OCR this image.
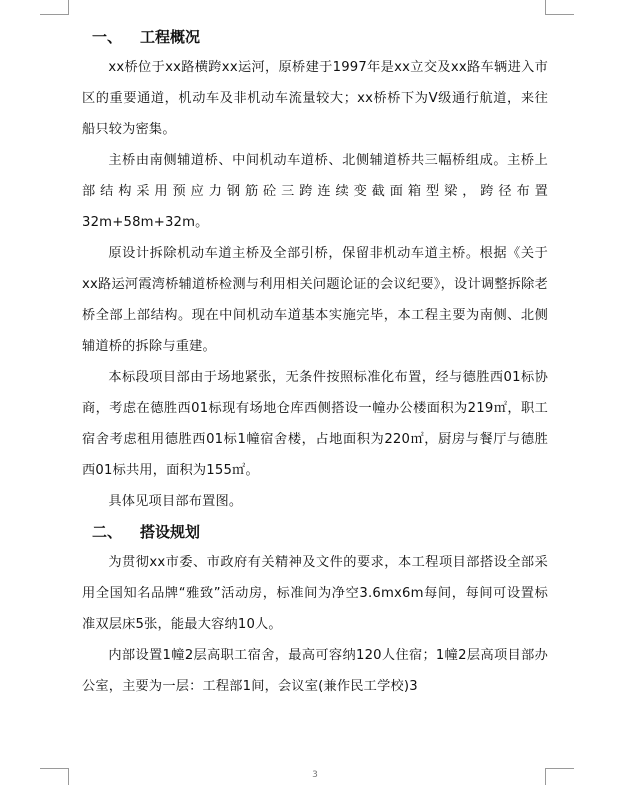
一、 工程概况

xx桥位于xx路横跨xx运河，原桥建于1997年是xx立交及xx路车辆进入市区的重要通道，机动车及非机动车流量较大；xx桥桥下为Ⅴ级通行航道，来往船只较为密集。

主桥由南侧辅道桥、中间机动车道桥、北侧辅道桥共三幅桥组成。主桥上部结构采用预应力钢筋砼三跨连续变截面箱型梁，跨径布置32m+58m+32m。

原设计拆除机动车道主桥及全部引桥，保留非机动车道主桥。根据《关于xx路运河霞湾桥辅道桥检测与利用相关问题论证的会议纪要》，设计调整拆除老桥全部上部结构。现在中间机动车道基本实施完毕，本工程主要为南侧、北侧辅道桥的拆除与重建。

本标段项目部由于场地紧张，无条件按照标准化布置，经与德胜西01标协商，考虑在德胜西01标现有场地仓库西侧搭设一幢办公楼面积为219㎡，职工宿舍考虑租用德胜西01标1幢宿舍楼，占地面积为220㎡，厨房与餐厅与德胜西01标共用，面积为155㎡。

具体见项目部布置图。

二、 搭设规划

为贯彻xx市委、市政府有关精神及文件的要求，本工程项目部搭设全部采用全国知名品牌“雅致”活动房，标准间为净空3.6mx6m每间，每间可设置标准双层床5张，能最大容纳10人。

内部设置1幢2层高职工宿舍，最高可容纳120人住宿；1幢2层高项目部办公室，主要为一层：工程部1间，会议室(兼作民工学校)3

3
